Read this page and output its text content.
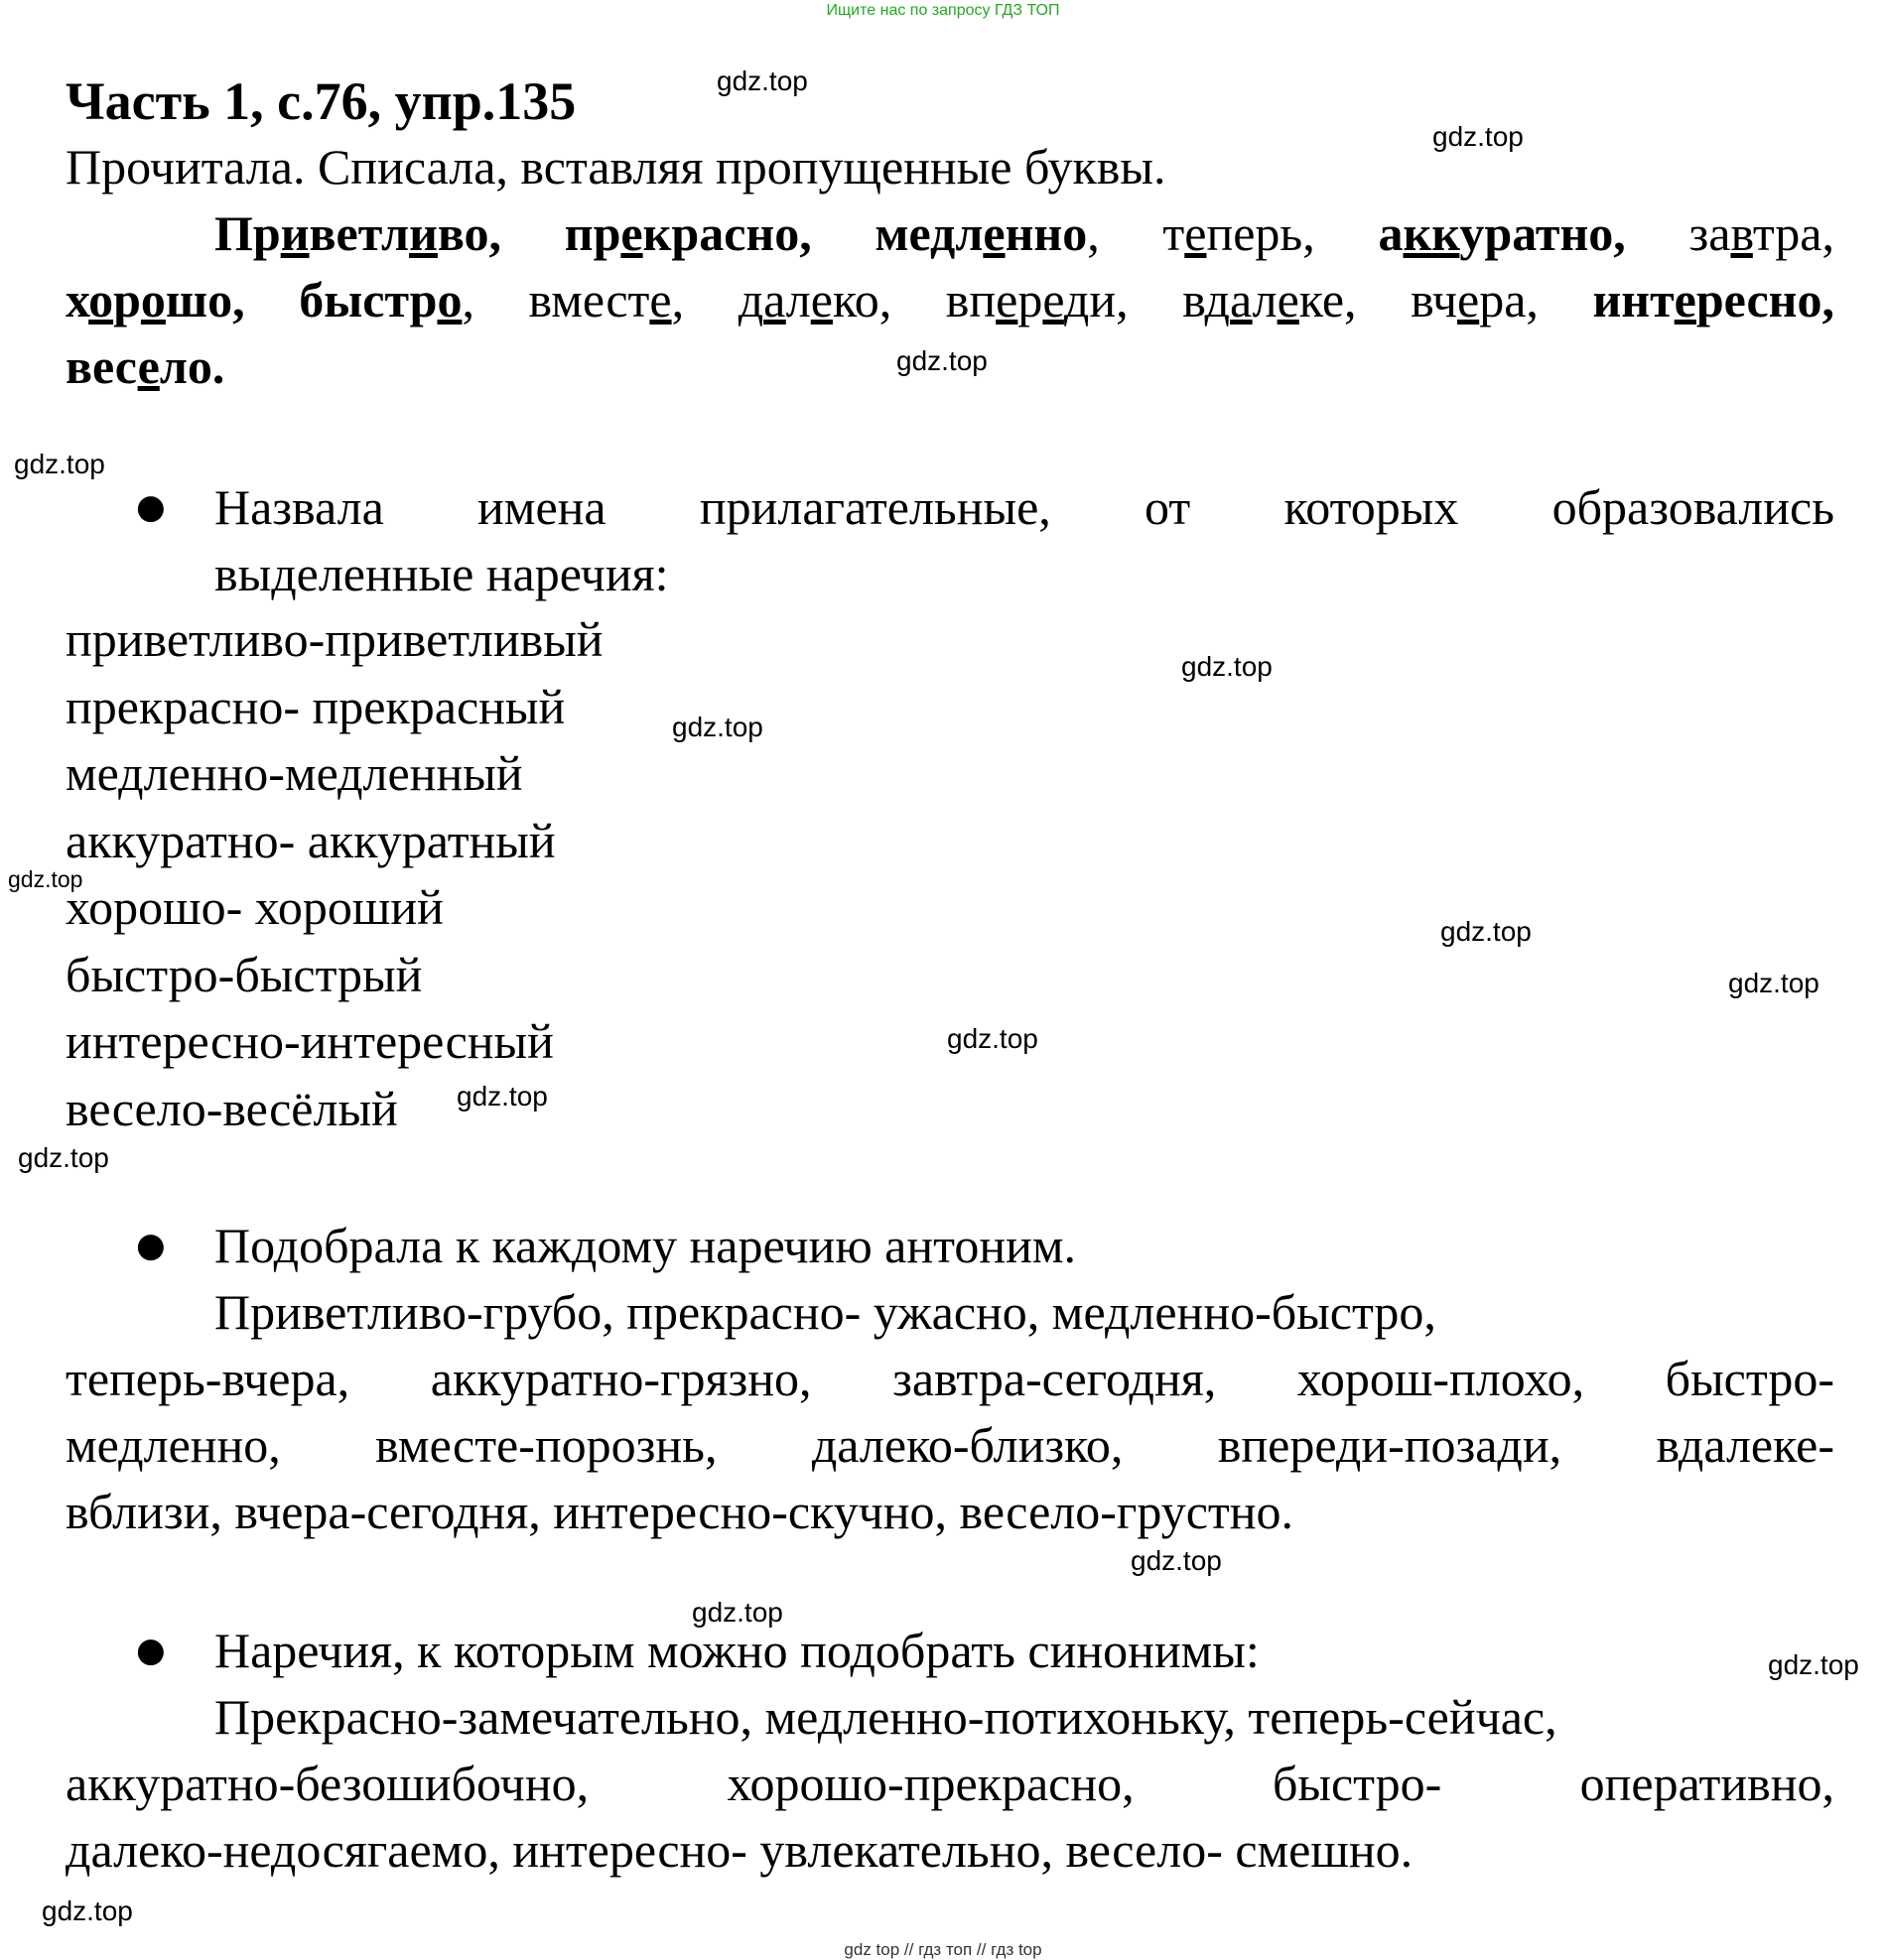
Ищите нас по запросу ГДЗ ТОП
Часть 1, с.76, упр.135
Прочитала. Списала, вставляя пропущенные буквы.
Приветливо, прекрасно, медленно, теперь, аккуратно, завтра,
хорошо, быстро, вместе, далеко, впереди, вдалеке, вчера, интересно,
весело.
● Назвала имена прилагательные, от которых образовались
выделенные наречия:
приветливо-приветливый
прекрасно- прекрасный
медленно-медленный
аккуратно- аккуратный
хорошо- хороший
быстро-быстрый
интересно-интересный
весело-весёлый
● Подобрала к каждому наречию антоним.
Приветливо-грубо, прекрасно- ужасно, медленно-быстро,
теперь-вчера, аккуратно-грязно, завтра-сегодня, хорош-плохо, быстро-
медленно, вместе-порознь, далеко-близко, впереди-позади, вдалеке-
вблизи, вчера-сегодня, интересно-скучно, весело-грустно.
● Наречия, к которым можно подобрать синонимы:
Прекрасно-замечательно, медленно-потихоньку, теперь-сейчас,
аккуратно-безошибочно, хорошо-прекрасно, быстро- оперативно,
далеко-недосягаемо, интересно- увлекательно, весело- смешно.
gdz.top
gdz.top
gdz.top
gdz.top
gdz.top
gdz.top
gdz.top
gdz.top
gdz.top
gdz.top
gdz.top
gdz.top
gdz.top
gdz.top
gdz.top
gdz.top
gdz top // гдз топ // гдз top
